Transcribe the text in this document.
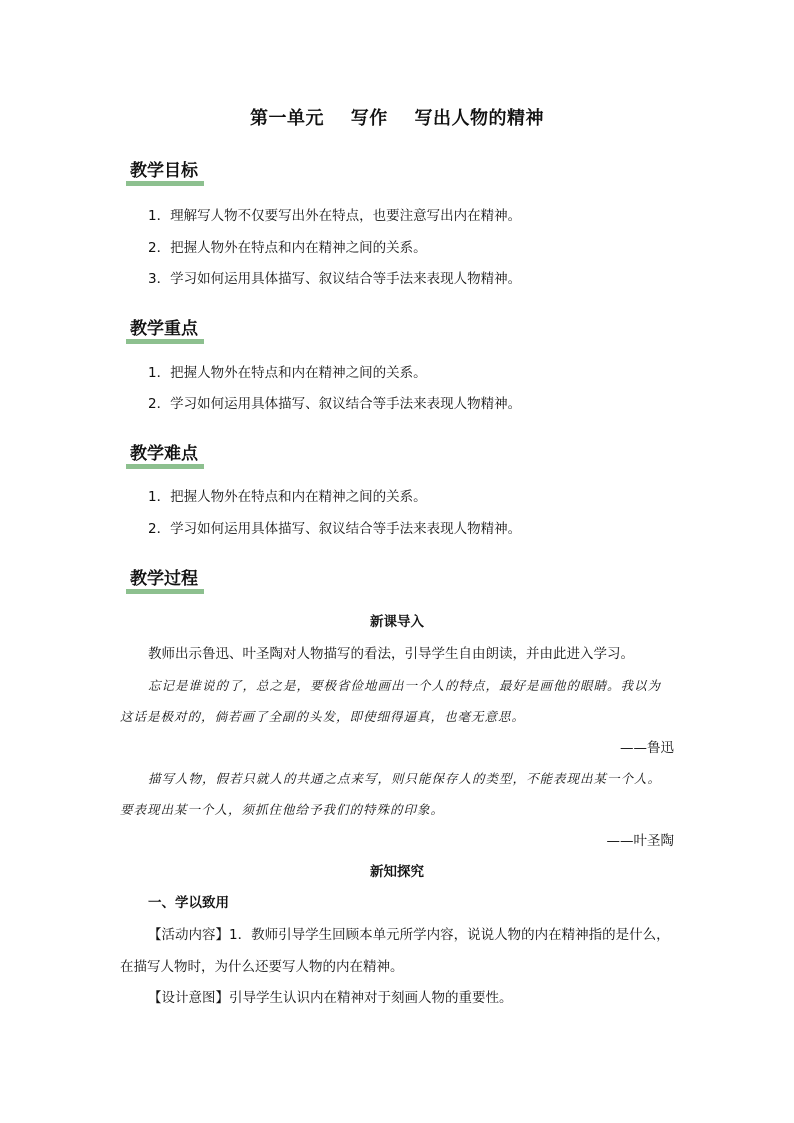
第一单元 写作 写出人物的精神
教学目标
1．理解写人物不仅要写出外在特点，也要注意写出内在精神。
2．把握人物外在特点和内在精神之间的关系。
3．学习如何运用具体描写、叙议结合等手法来表现人物精神。
教学重点
1．把握人物外在特点和内在精神之间的关系。
2．学习如何运用具体描写、叙议结合等手法来表现人物精神。
教学难点
1．把握人物外在特点和内在精神之间的关系。
2．学习如何运用具体描写、叙议结合等手法来表现人物精神。
教学过程
新课导入
教师出示鲁迅、叶圣陶对人物描写的看法，引导学生自由朗读，并由此进入学习。
忘记是谁说的了，总之是，要极省俭地画出一个人的特点，最好是画他的眼睛。我以为
这话是极对的，倘若画了全副的头发，即使细得逼真，也毫无意思。
——鲁迅
描写人物，假若只就人的共通之点来写，则只能保存人的类型，不能表现出某一个人。
要表现出某一个人，须抓住他给予我们的特殊的印象。
——叶圣陶
新知探究
一、学以致用
【活动内容】1．教师引导学生回顾本单元所学内容，说说人物的内在精神指的是什么，
在描写人物时，为什么还要写人物的内在精神。
【设计意图】引导学生认识内在精神对于刻画人物的重要性。
